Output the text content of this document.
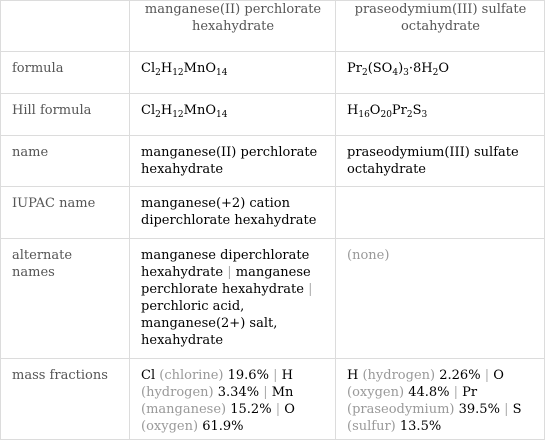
	manganese(II) perchlorate hexahydrate	praseodymium(III) sulfate octahydrate
formula	$Cl_2H_{12}MnO_{14}$	$Pr_2(SO_4)_3\cdot 8H_2O$
Hill formula	$Cl_2H_{12}MnO_{14}$	$H_{16}O_{20}Pr_2S_3$
name	manganese(II) perchlorate hexahydrate	praseodymium(III) sulfate octahydrate
IUPAC name	manganese(+2) cation diperchlorate hexahydrate	
alternate names	manganese diperchlorate hexahydrate | manganese perchlorate hexahydrate | perchloric acid, manganese(2+) salt, hexahydrate	(none)
mass fractions	Cl (chlorine) 19.6% | H (hydrogen) 3.34% | Mn (manganese) 15.2% | O (oxygen) 61.9%	H (hydrogen) 2.26% | O (oxygen) 44.8% | Pr (praseodymium) 39.5% | S (sulfur) 13.5%
